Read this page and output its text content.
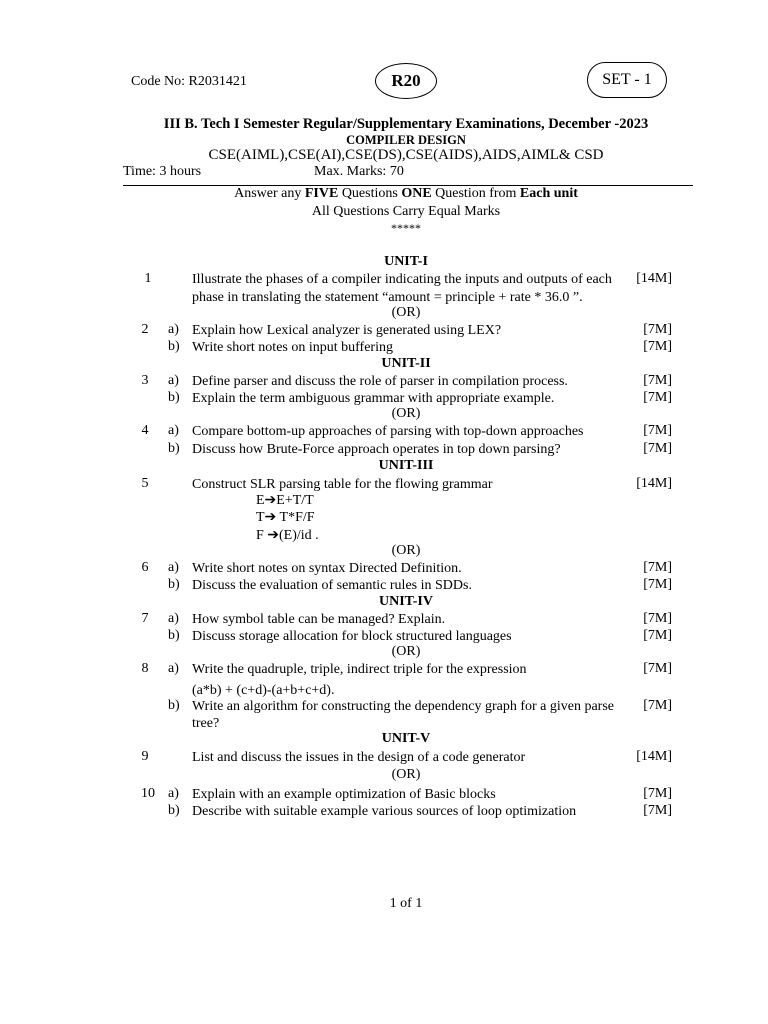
Code No: R2031421	R20	SET - 1
III B. Tech I Semester Regular/Supplementary Examinations, December -2023
COMPILER DESIGN
CSE(AIML),CSE(AI),CSE(DS),CSE(AIDS),AIDS,AIML& CSD
Time: 3 hours	Max. Marks: 70
Answer any FIVE Questions ONE Question from Each unit
All Questions Carry Equal Marks
*****
UNIT-I
1	Illustrate the phases of a compiler indicating the inputs and outputs of each
phase in translating the statement “amount = principle + rate * 36.0 ”.
[14M]
(OR)
2	a) Explain how Lexical analyzer is generated using LEX?	[7M]
b) Write short notes on input buffering	[7M]
UNIT-II
3	a) Define parser and discuss the role of parser in compilation process.	[7M]
b) Explain the term ambiguous grammar with appropriate example.	[7M]
(OR)
4	a) Compare bottom-up approaches of parsing with top-down approaches	[7M]
b) Discuss how Brute-Force approach operates in top down parsing?	[7M]
UNIT-III
5	Construct SLR parsing table for the flowing grammar	[14M]
E➔E+T/T
T➔ T*F/F
F ➔(E)/id .
(OR)
6	a) Write short notes on syntax Directed Definition.	[7M]
b) Discuss the evaluation of semantic rules in SDDs.	[7M]
UNIT-IV
7	a) How symbol table can be managed? Explain.	[7M]
b) Discuss storage allocation for block structured languages	[7M]
(OR)
8	a) Write the quadruple, triple, indirect triple for the expression
(a*b) + (c+d)-(a+b+c+d).
[7M]
b) Write an algorithm for constructing the dependency graph for a given parse
tree?
[7M]
UNIT-V
9	List and discuss the issues in the design of a code generator	[14M]
(OR)
10 a) Explain with an example optimization of Basic blocks	[7M]
b) Describe with suitable example various sources of loop optimization	[7M]
1 of 1
